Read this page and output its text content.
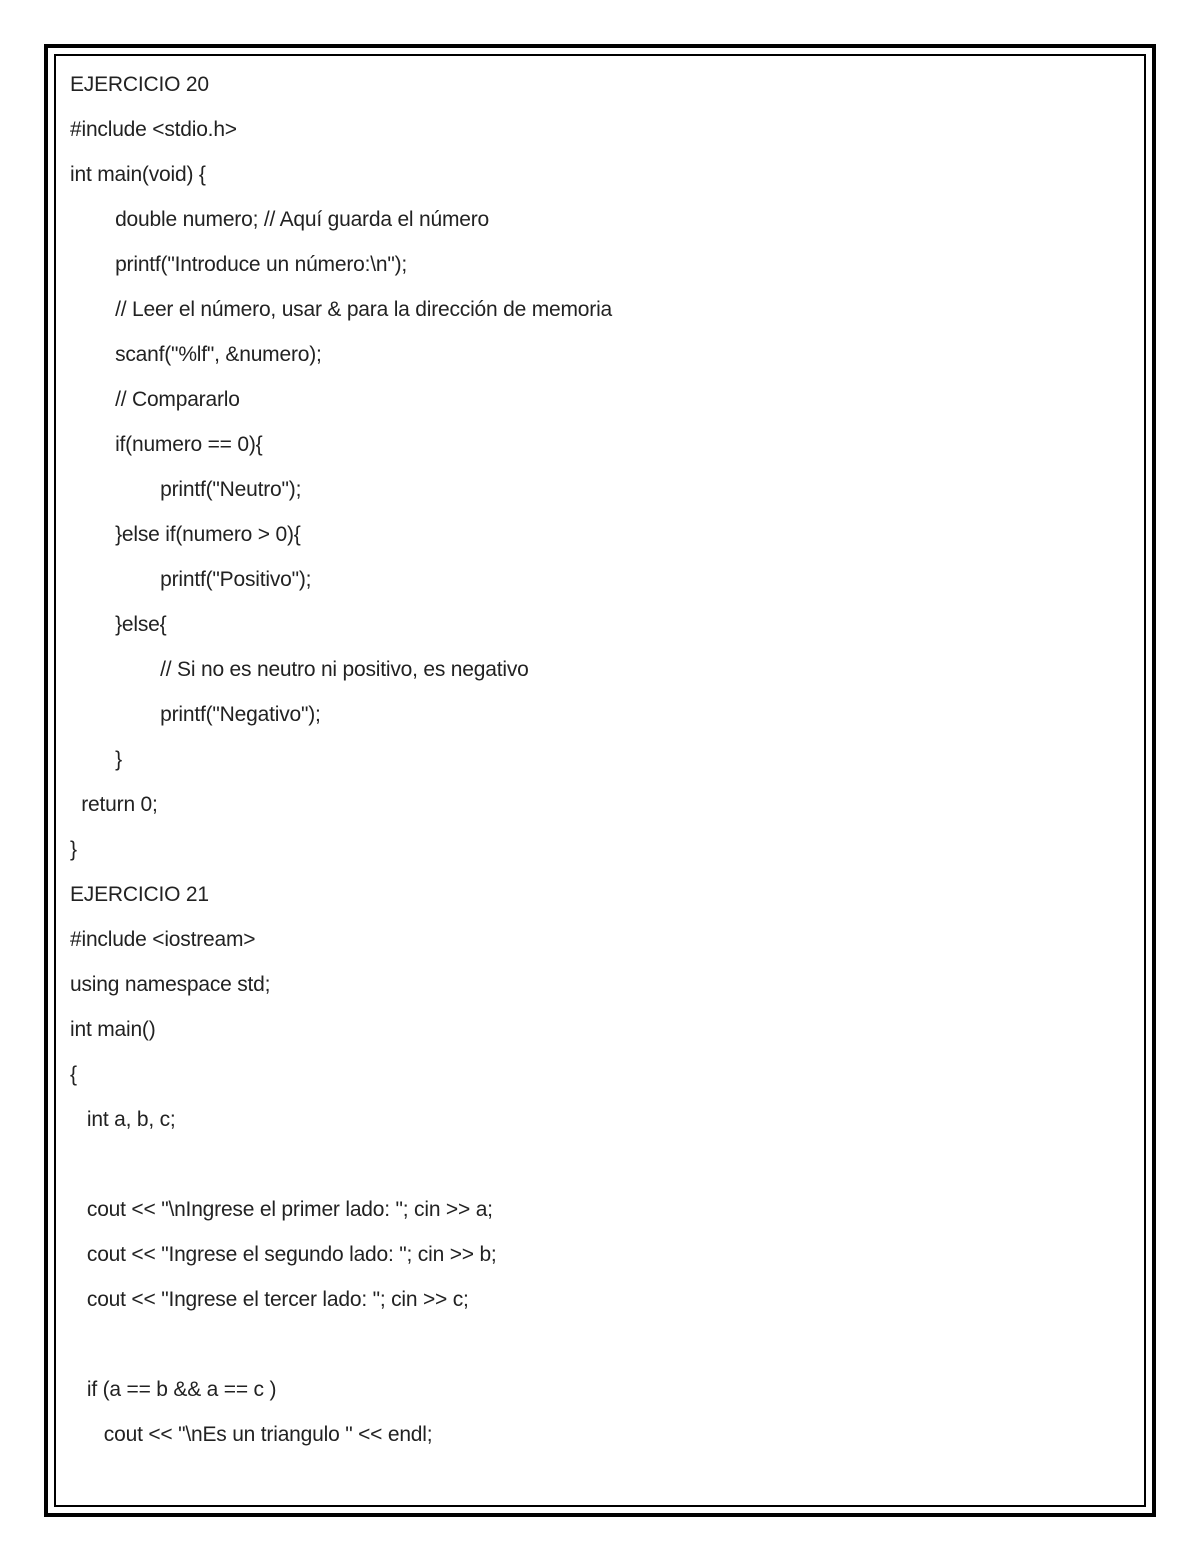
EJERCICIO 20
#include <stdio.h>
int main(void) {
double numero; // Aquí guarda el número
printf("Introduce un número:\n");
// Leer el número, usar & para la dirección de memoria
scanf("%lf", &numero);
// Compararlo
if(numero == 0){
printf("Neutro");
}else if(numero > 0){
printf("Positivo");
}else{
// Si no es neutro ni positivo, es negativo
printf("Negativo");
}
return 0;
}
EJERCICIO 21
#include <iostream>
using namespace std;
int main()
{
int a, b, c;
cout << "\nIngrese el primer lado: "; cin >> a;
cout << "Ingrese el segundo lado: "; cin >> b;
cout << "Ingrese el tercer lado: "; cin >> c;
if (a == b && a == c )
cout << "\nEs un triangulo " << endl;
